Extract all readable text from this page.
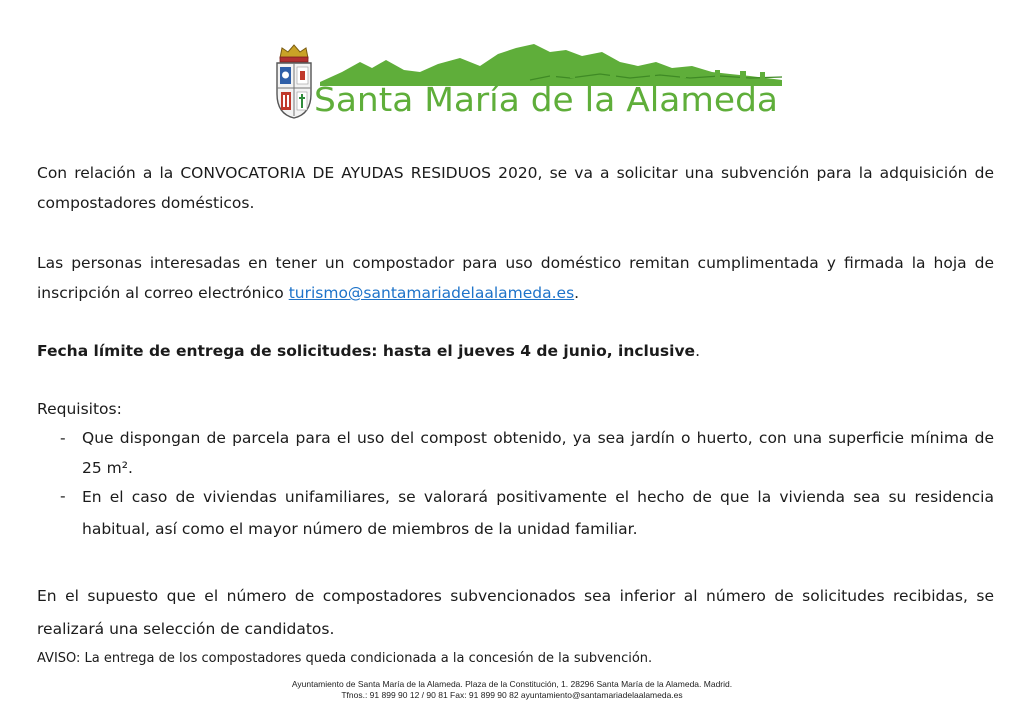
Santa María de la Alameda

Con relación a la CONVOCATORIA DE AYUDAS RESIDUOS 2020, se va a solicitar una subvención para la adquisición de compostadores domésticos.

Las personas interesadas en tener un compostador para uso doméstico remitan cumplimentada y firmada la hoja de inscripción al correo electrónico turismo@santamariadelaalameda.es.

Fecha límite de entrega de solicitudes: hasta el jueves 4 de junio, inclusive.

Requisitos:

- Que dispongan de parcela para el uso del compost obtenido, ya sea jardín o huerto, con una superficie mínima de 25 m².
- En el caso de viviendas unifamiliares, se valorará positivamente el hecho de que la vivienda sea su residencia habitual, así como el mayor número de miembros de la unidad familiar.

En el supuesto que el número de compostadores subvencionados sea inferior al número de solicitudes recibidas, se realizará una selección de candidatos.

AVISO: La entrega de los compostadores queda condicionada a la concesión de la subvención.

Ayuntamiento de Santa María de la Alameda. Plaza de la Constitución, 1. 28296 Santa María de la Alameda. Madrid.

Tfnos.: 91 899 90 12 / 90 81 Fax: 91 899 90 82 ayuntamiento@santamariadelaalameda.es
